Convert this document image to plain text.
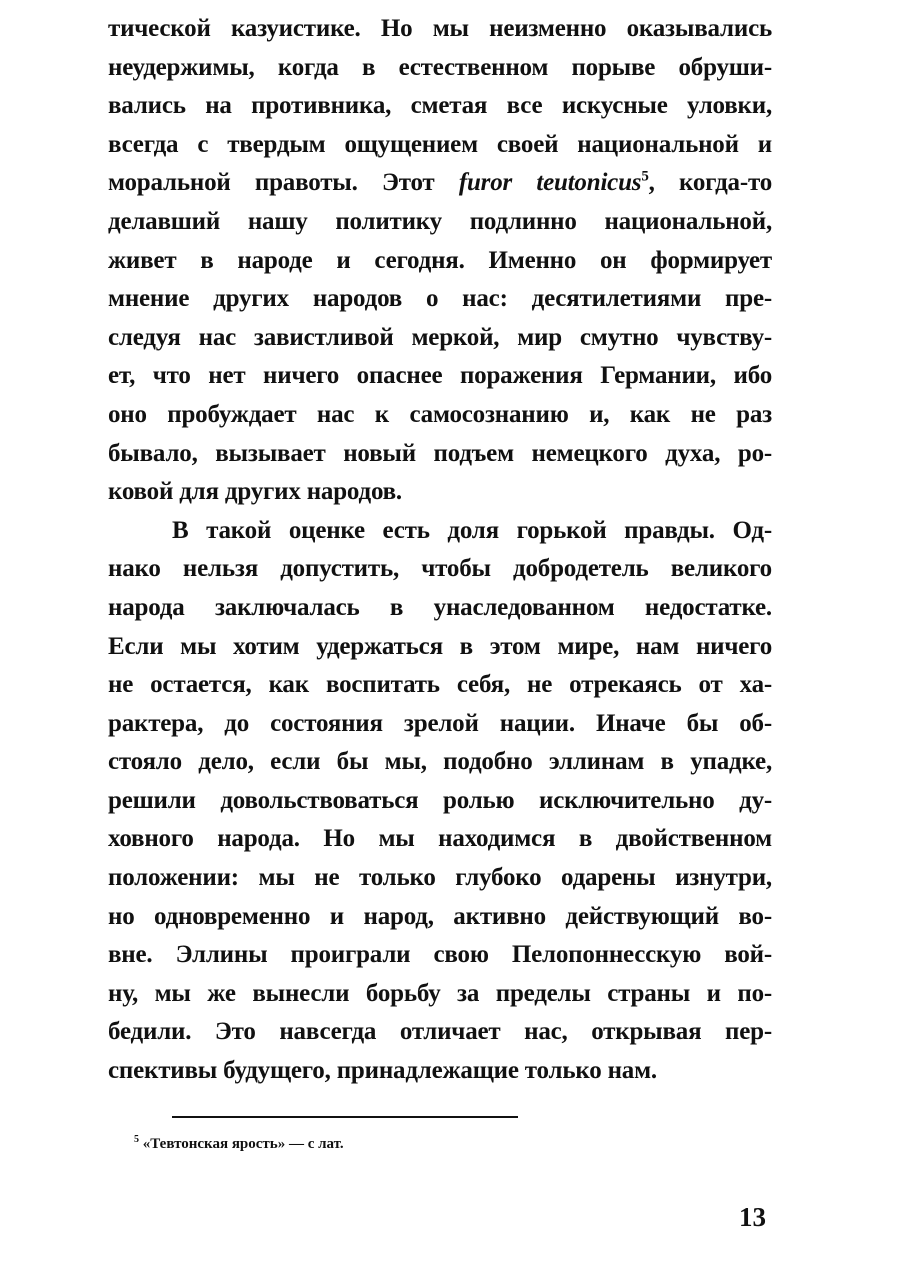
тической казуистике. Но мы неизменно оказывались
неудержимы, когда в естественном порыве обруши-
вались на противника, сметая все искусные уловки,
всегда с твердым ощущением своей национальной и
моральной правоты. Этот furor teutonicus$^5$, когда-то
делавший нашу политику подлинно национальной,
живет в народе и сегодня. Именно он формирует
мнение других народов о нас: десятилетиями пре-
следуя нас завистливой меркой, мир смутно чувству-
ет, что нет ничего опаснее поражения Германии, ибо
оно пробуждает нас к самосознанию и, как не раз
бывало, вызывает новый подъем немецкого духа, ро-
ковой для других народов.
В такой оценке есть доля горькой правды. Од-
нако нельзя допустить, чтобы добродетель великого
народа заключалась в унаследованном недостатке.
Если мы хотим удержаться в этом мире, нам ничего
не остается, как воспитать себя, не отрекаясь от ха-
рактера, до состояния зрелой нации. Иначе бы об-
стояло дело, если бы мы, подобно эллинам в упадке,
решили довольствоваться ролью исключительно ду-
ховного народа. Но мы находимся в двойственном
положении: мы не только глубоко одарены изнутри,
но одновременно и народ, активно действующий во-
вне. Эллины проиграли свою Пелопоннесскую вой-
ну, мы же вынесли борьбу за пределы страны и по-
бедили. Это навсегда отличает нас, открывая пер-
спективы будущего, принадлежащие только нам.
$^5$ «Тевтонская ярость» — с лат.
13
